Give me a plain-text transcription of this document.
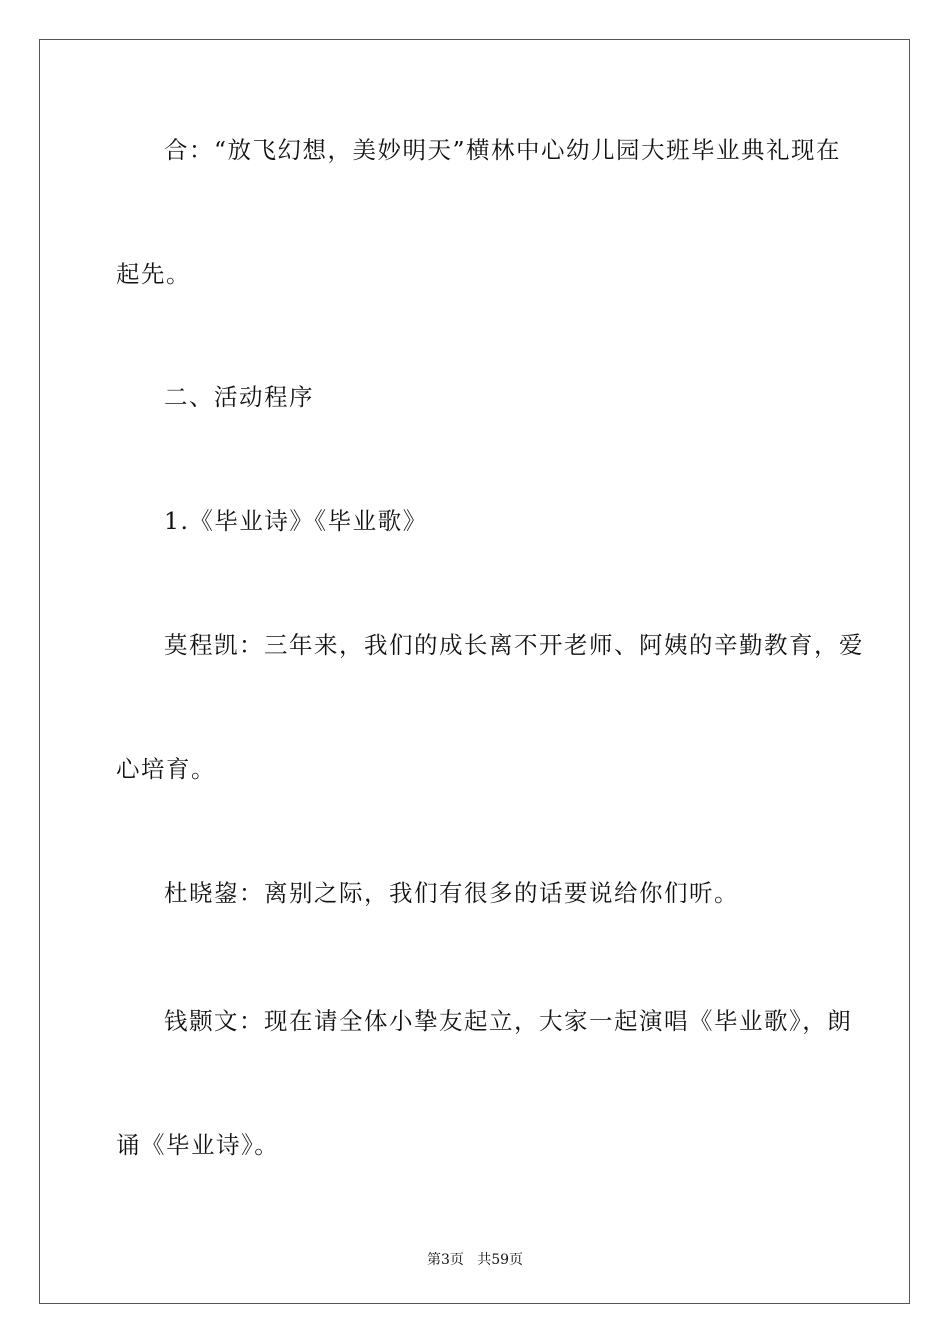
合：“放飞幻想，美妙明天”横林中心幼儿园大班毕业典礼现在
起先。
二、活动程序
1.《毕业诗》《毕业歌》
莫程凯：三年来，我们的成长离不开老师、阿姨的辛勤教育，爱
心培育。
杜晓鋆：离别之际，我们有很多的话要说给你们听。
钱颢文：现在请全体小挚友起立，大家一起演唱《毕业歌》，朗
诵《毕业诗》。
第3页   共59页
